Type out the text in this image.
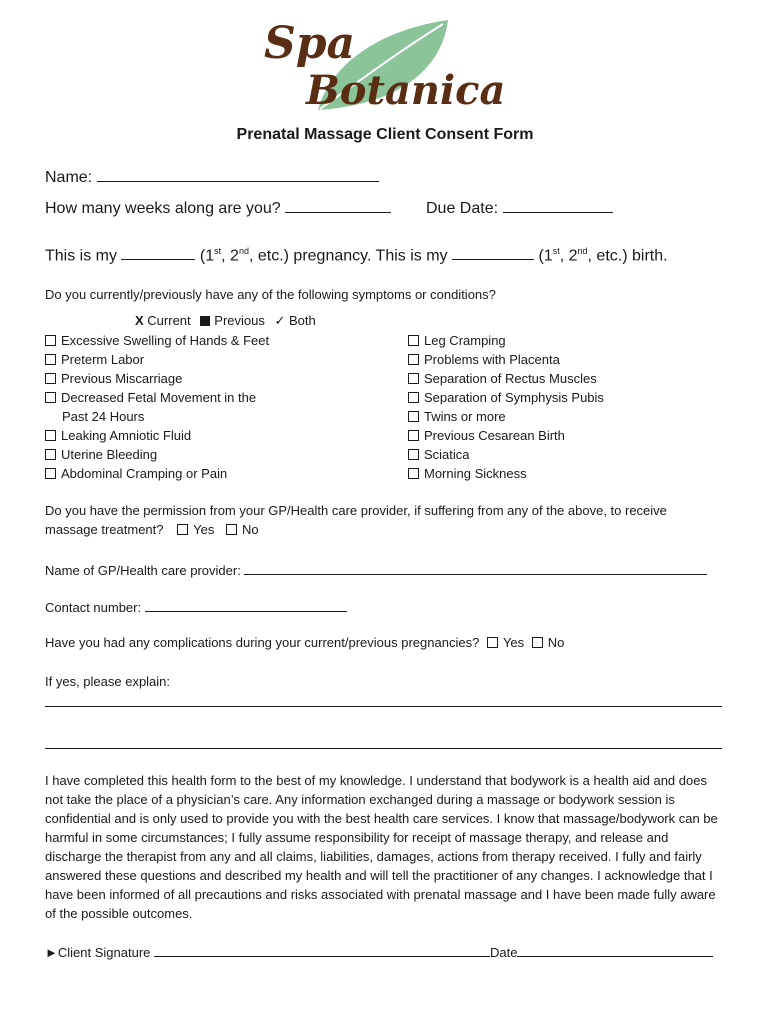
Spa
Botanica
Prenatal Massage Client Consent Form
Name:
How many weeks along are you?	Due Date:
This is my	(1st, 2nd, etc.) pregnancy. This is my	(1st, 2nd, etc.) birth.
Do you currently/previously have any of the following symptoms or conditions?
X Current Previous ✓ Both
Excessive Swelling of Hands & Feet
Preterm Labor
Previous Miscarriage
Decreased Fetal Movement in the
Past 24 Hours
Leaking Amniotic Fluid
Uterine Bleeding
Abdominal Cramping or Pain
Leg Cramping
Problems with Placenta
Separation of Rectus Muscles
Separation of Symphysis Pubis
Twins or more
Previous Cesarean Birth
Sciatica
Morning Sickness
Do you have the permission from your GP/Health care provider, if suffering from any of the above, to receive
massage treatment? Yes No
Name of GP/Health care provider:
Contact number:
Have you had any complications during your current/previous pregnancies? Yes No
If yes, please explain:
I have completed this health form to the best of my knowledge. I understand that bodywork is a health aid and does not take the place of a physician’s care. Any information exchanged during a massage or bodywork session is confidential and is only used to provide you with the best health care services. I know that massage/bodywork can be harmful in some circumstances; I fully assume responsibility for receipt of massage therapy, and release and discharge the therapist from any and all claims, liabilities, damages, actions from therapy received. I fully and fairly answered these questions and described my health and will tell the practitioner of any changes. I acknowledge that I have been informed of all precautions and risks associated with prenatal massage and I have been made fully aware of the possible outcomes.
►Client Signature	Date
